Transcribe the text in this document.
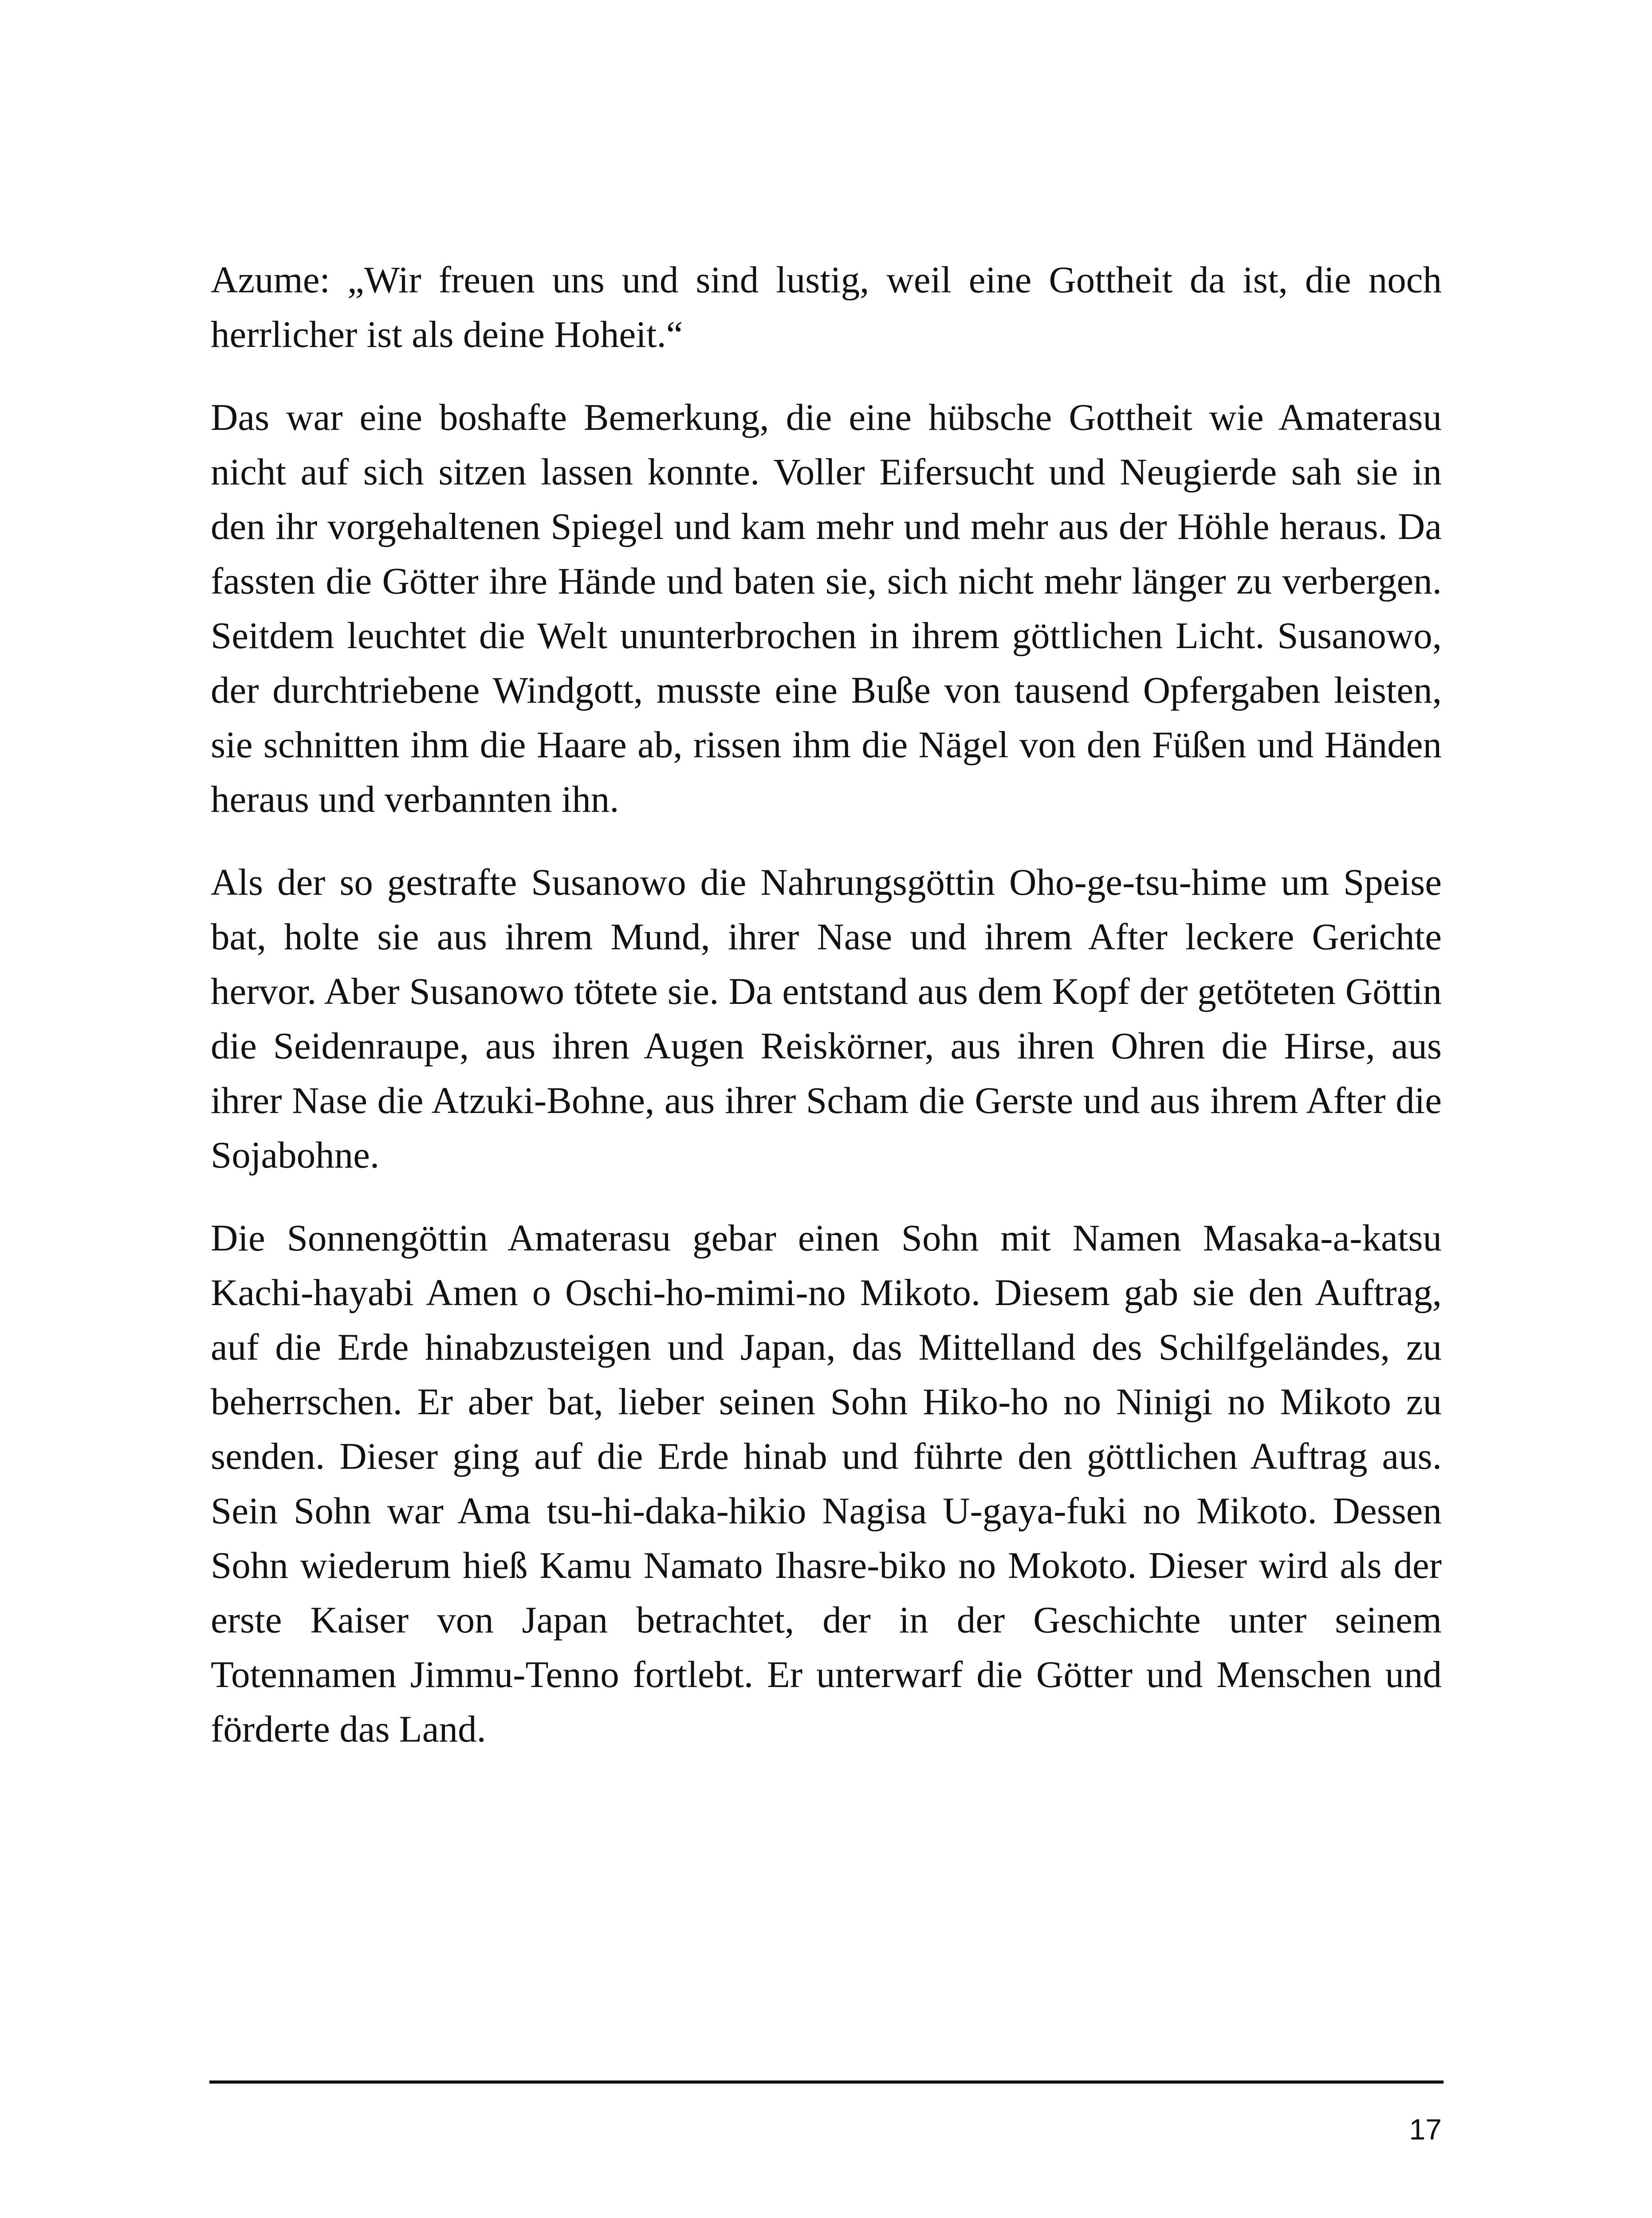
Azume: „Wir freuen uns und sind lustig, weil eine Gottheit da ist, die noch herrlicher ist als deine Hoheit.“

Das war eine boshafte Bemerkung, die eine hübsche Gottheit wie Amaterasu nicht auf sich sitzen lassen konnte. Voller Eifersucht und Neugierde sah sie in den ihr vorgehaltenen Spiegel und kam mehr und mehr aus der Höhle heraus. Da fassten die Götter ihre Hände und baten sie, sich nicht mehr länger zu verbergen. Seitdem leuchtet die Welt ununterbrochen in ihrem göttlichen Licht. Susanowo, der durchtriebene Windgott, musste eine Buße von tausend Opfergaben leisten, sie schnitten ihm die Haare ab, rissen ihm die Nägel von den Füßen und Händen heraus und verbannten ihn.

Als der so gestrafte Susanowo die Nahrungsgöttin Oho-ge-tsu-hime um Speise bat, holte sie aus ihrem Mund, ihrer Nase und ihrem After leckere Gerichte hervor. Aber Susanowo tötete sie. Da entstand aus dem Kopf der getöteten Göttin die Seidenraupe, aus ihren Augen Reiskörner, aus ihren Ohren die Hirse, aus ihrer Nase die Atzuki-Bohne, aus ihrer Scham die Gerste und aus ihrem After die Sojabohne.

Die Sonnengöttin Amaterasu gebar einen Sohn mit Namen Masaka-a-katsu Kachi-hayabi Amen o Oschi-ho-mimi-no Mikoto. Diesem gab sie den Auftrag, auf die Erde hinabzusteigen und Japan, das Mittelland des Schilfgeländes, zu beherrschen. Er aber bat, lieber seinen Sohn Hiko-ho no Ninigi no Mikoto zu senden. Dieser ging auf die Erde hinab und führte den göttlichen Auftrag aus. Sein Sohn war Ama tsu-hi-daka-hikio Nagisa U-gaya-fuki no Mikoto. Dessen Sohn wiederum hieß Kamu Namato Ihasre-biko no Mokoto. Dieser wird als der erste Kaiser von Japan betrachtet, der in der Geschichte unter seinem Totennamen Jimmu-Tenno fortlebt. Er unterwarf die Götter und Menschen und förderte das Land.

17
